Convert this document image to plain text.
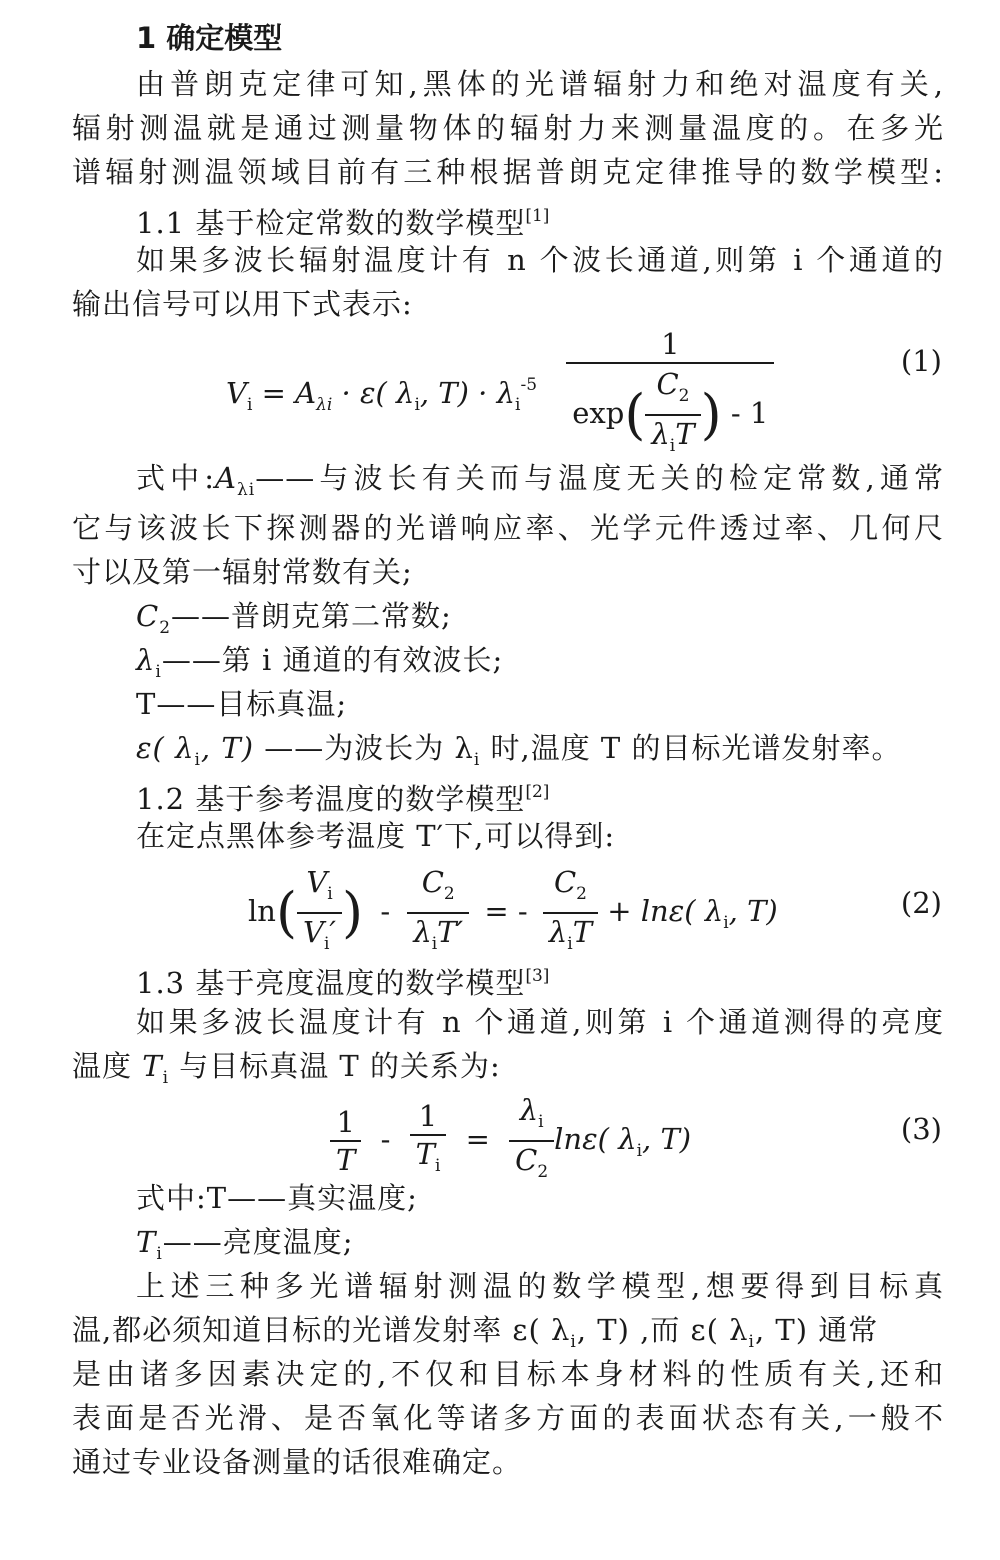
1 确定模型
由普朗克定律可知,黑体的光谱辐射力和绝对温度有关,
辐射测温就是通过测量物体的辐射力来测量温度的。在多光
谱辐射测温领域目前有三种根据普朗克定律推导的数学模型:
1.1 基于检定常数的数学模型[1]
如果多波长辐射温度计有 n 个波长通道,则第 i 个通道的
输出信号可以用下式表示:
$V_i = A_{\lambda i} \cdot \varepsilon$( $\lambda_i$, $T) \cdot \lambda_i^{-5} \frac{1}{\exp( \frac{C_2}{\lambda_iT} ) - 1}$	(1)
式中$:A_{\lambda i}——$与波长有关而与温度无关的检定常数,通常
它与该波长下探测器的光谱响应率、光学元件透过率、几何尺
寸以及第一辐射常数有关;
$C_2——$普朗克第二常数;
$\lambda_i——$第 i 通道的有效波长;
T——目标真温;
ε( $\lambda_i$, T) ——为波长为 $\lambda_i$ 时,温度 T 的目标光谱发射率。
1.2 基于参考温度的数学模型[2]
在定点黑体参考温度 T′下,可以得到:
$\ln( \frac{V_i}{V_i'}$ ) - $\frac{C_2}{\lambda_iT'}$ = - $\frac{C_2}{\lambda_iT} + \ln\varepsilon$( $\lambda_i$, T)	(2)
1.3 基于亮度温度的数学模型[3]
如果多波长温度计有 n 个通道,则第 i 个通道测得的亮度
温度 $T_i$ 与目标真温 T 的关系为:
$\frac{1}{T} - \frac{1}{T_i} = \frac{\lambda_i}{C_2} \ln\varepsilon$( $\lambda_i$, T)	(3)
式中:T——真实温度;
$T_i——$亮度温度;
上述三种多光谱辐射测温的数学模型,想要得到目标真
温,都必须知道目标的光谱发射率 ε( $\lambda_i$, T) ,而 ε( $\lambda_i$, T) 通常
是由诸多因素决定的,不仅和目标本身材料的性质有关,还和
表面是否光滑、是否氧化等诸多方面的表面状态有关,一般不
通过专业设备测量的话很难确定。
